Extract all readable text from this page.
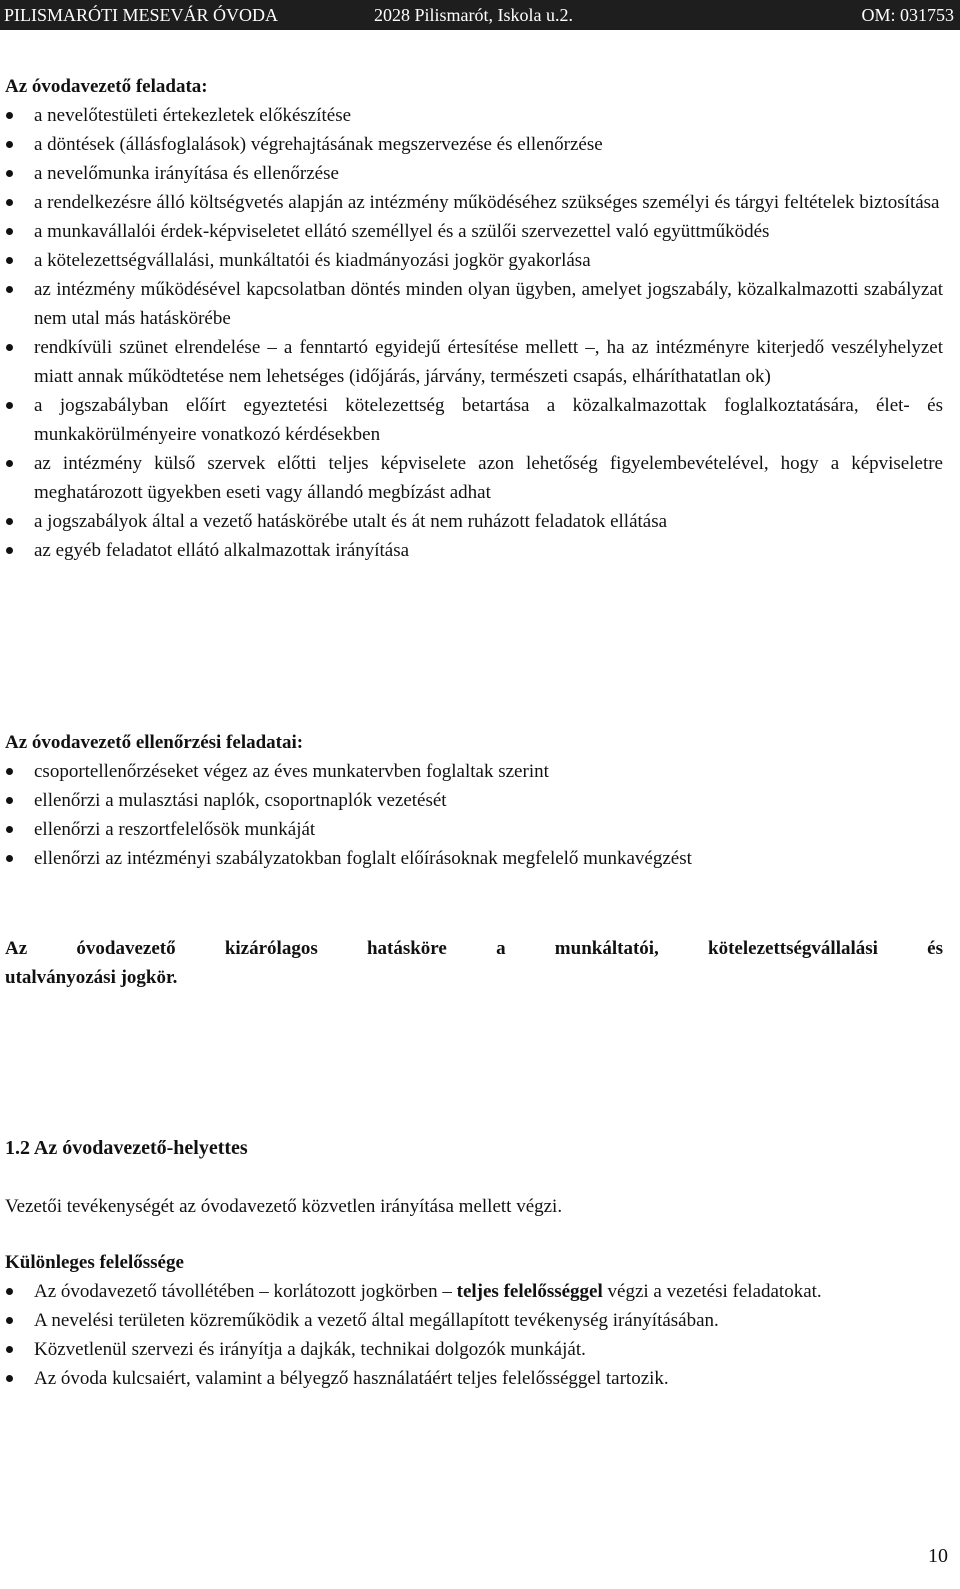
PILISMARÓTI MESEVÁR ÓVODA	2028 Pilismarót, Iskola u.2.	OM: 031753
Az óvodavezető feladata:
a nevelőtestületi értekezletek előkészítése
a döntések (állásfoglalások) végrehajtásának megszervezése és ellenőrzése
a nevelőmunka irányítása és ellenőrzése
a rendelkezésre álló költségvetés alapján az intézmény működéséhez szükséges személyi és tárgyi feltételek biztosítása
a munkavállalói érdek-képviseletet ellátó személlyel és a szülői szervezettel való együttműködés
a kötelezettségvállalási, munkáltatói és kiadmányozási jogkör gyakorlása
az intézmény működésével kapcsolatban döntés minden olyan ügyben, amelyet jogszabály, közalkalmazotti szabályzat nem utal más hatáskörébe
rendkívüli szünet elrendelése – a fenntartó egyidejű értesítése mellett –, ha az intézményre kiterjedő veszélyhelyzet miatt annak működtetése nem lehetséges (időjárás, járvány, természeti csapás, elháríthatatlan ok)
a jogszabályban előírt egyeztetési kötelezettség betartása a közalkalmazottak foglalkoztatására, élet- és munkakörülményeire vonatkozó kérdésekben
az intézmény külső szervek előtti teljes képviselete azon lehetőség figyelembevételével, hogy a képviseletre meghatározott ügyekben eseti vagy állandó megbízást adhat
a jogszabályok által a vezető hatáskörébe utalt és át nem ruházott feladatok ellátása
az egyéb feladatot ellátó alkalmazottak irányítása
Az óvodavezető ellenőrzési feladatai:
csoportellenőrzéseket végez az éves munkatervben foglaltak szerint
ellenőrzi a mulasztási naplók, csoportnaplók vezetését
ellenőrzi a reszortfelelősök munkáját
ellenőrzi az intézményi szabályzatokban foglalt előírásoknak megfelelő munkavégzést
Az óvodavezető kizárólagos hatásköre a munkáltatói, kötelezettségvállalási és
utalványozási jogkör.
1.2 Az óvodavezető-helyettes
Vezetői tevékenységét az óvodavezető közvetlen irányítása mellett végzi.
Különleges felelőssége
Az óvodavezető távollétében – korlátozott jogkörben – teljes felelősséggel végzi a vezetési feladatokat.
A nevelési területen közreműködik a vezető által megállapított tevékenység irányításában.
Közvetlenül szervezi és irányítja a dajkák, technikai dolgozók munkáját.
Az óvoda kulcsaiért, valamint a bélyegző használatáért teljes felelősséggel tartozik.
10
